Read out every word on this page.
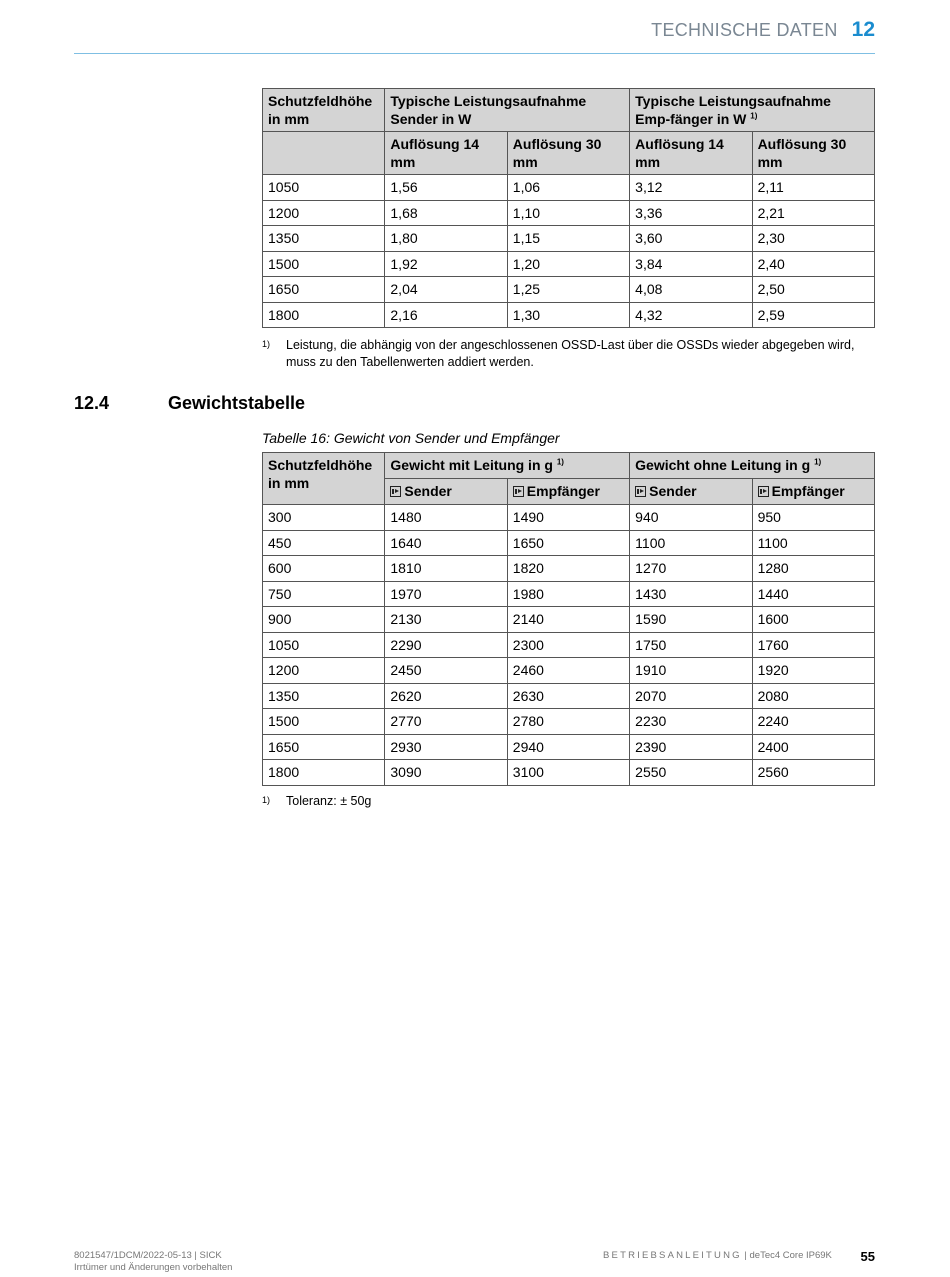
TECHNISCHE DATEN 12
Schutzfeldhöhe in mm	Typische Leistungsaufnahme Sender in W		Typische Leistungsaufnahme Emp-fänger in W $^{1)}$
	Auflösung 14 mm	Auflösung 30 mm	Auflösung 14 mm	Auflösung 30 mm
1050	1,56	1,06	3,12	2,11
1200	1,68	1,10	3,36	2,21
1350	1,80	1,15	3,60	2,30
1500	1,92	1,20	3,84	2,40
1650	2,04	1,25	4,08	2,50
1800	2,16	1,30	4,32	2,59
1)	Leistung, die abhängig von der angeschlossenen OSSD-Last über die OSSDs wieder abgegeben wird, muss zu den Tabellenwerten addiert werden.
12.4	Gewichtstabelle
Tabelle 16: Gewicht von Sender und Empfänger
Schutzfeldhöhe in mm	Gewicht mit Leitung in g $^{1)}$		Gewicht ohne Leitung in g $^{1)}$
	Sender	Empfänger	Sender	Empfänger
300	1480	1490	940	950
450	1640	1650	1100	1100
600	1810	1820	1270	1280
750	1970	1980	1430	1440
900	2130	2140	1590	1600
1050	2290	2300	1750	1760
1200	2450	2460	1910	1920
1350	2620	2630	2070	2080
1500	2770	2780	2230	2240
1650	2930	2940	2390	2400
1800	3090	3100	2550	2560
1)	Toleranz: ± 50g
8021547/1DCM/2022-05-13 | SICK
Irrtümer und Änderungen vorbehalten
BETRIEBSANLEITUNG | deTec4 Core IP69K 55
